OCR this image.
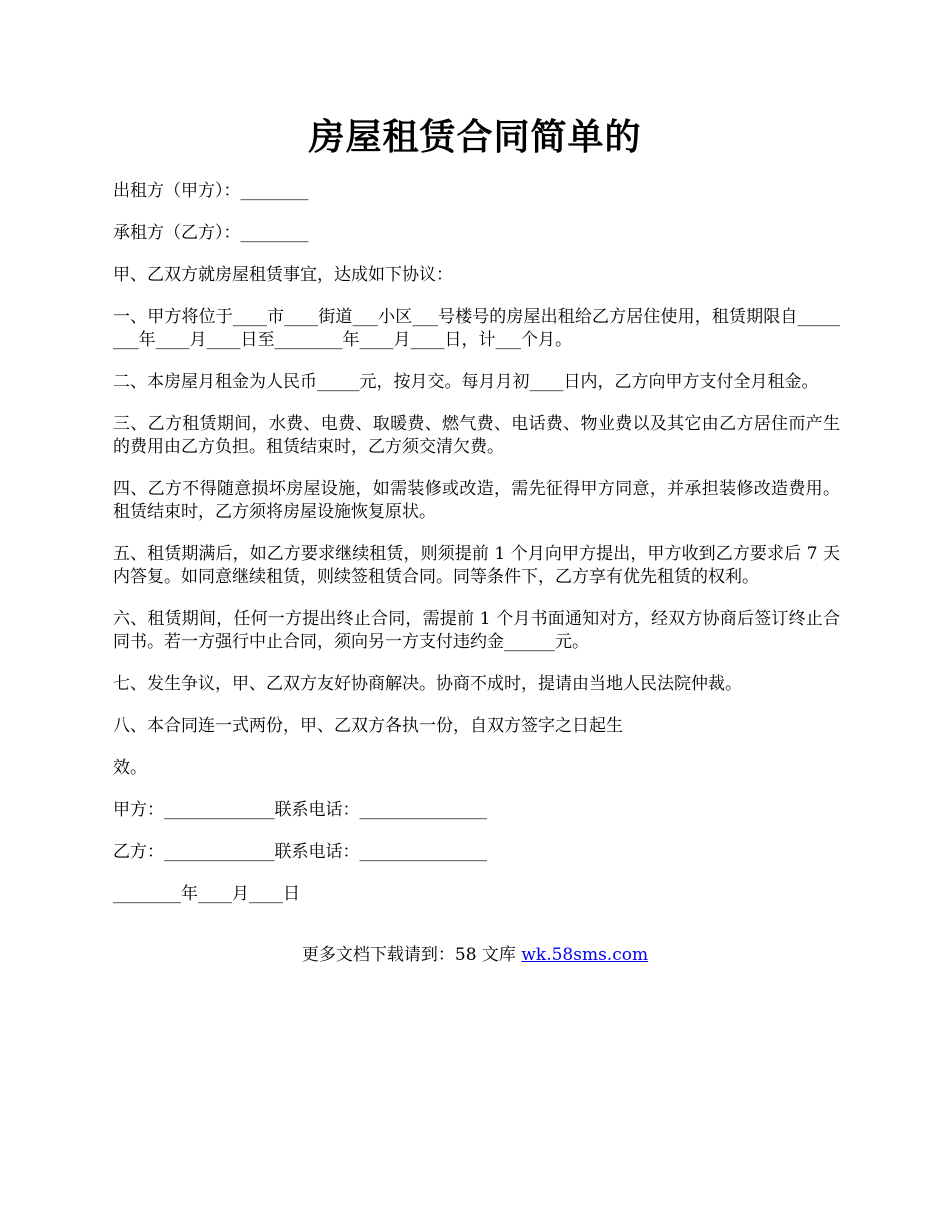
房屋租赁合同简单的

出租方（甲方）：________

承租方（乙方）：________

甲、乙双方就房屋租赁事宜，达成如下协议：

一、甲方将位于____市____街道___小区___号楼号的房屋出租给乙方居住使用，租赁期限自________年____月____日至________年____月____日，计___个月。

二、本房屋月租金为人民币_____元，按月交。每月月初____日内，乙方向甲方支付全月租金。

三、乙方租赁期间，水费、电费、取暖费、燃气费、电话费、物业费以及其它由乙方居住而产生的费用由乙方负担。租赁结束时，乙方须交清欠费。

四、乙方不得随意损坏房屋设施，如需装修或改造，需先征得甲方同意，并承担装修改造费用。租赁结束时，乙方须将房屋设施恢复原状。

五、租赁期满后，如乙方要求继续租赁，则须提前 1 个月向甲方提出，甲方收到乙方要求后 7 天内答复。如同意继续租赁，则续签租赁合同。同等条件下，乙方享有优先租赁的权利。

六、租赁期间，任何一方提出终止合同，需提前 1 个月书面通知对方，经双方协商后签订终止合同书。若一方强行中止合同，须向另一方支付违约金______元。

七、发生争议，甲、乙双方友好协商解决。协商不成时，提请由当地人民法院仲裁。

八、本合同连一式两份，甲、乙双方各执一份，自双方签字之日起生

效。

甲方：_____________联系电话：_______________

乙方：_____________联系电话：_______________

________年____月____日

更多文档下载请到：58 文库 wk.58sms.com
